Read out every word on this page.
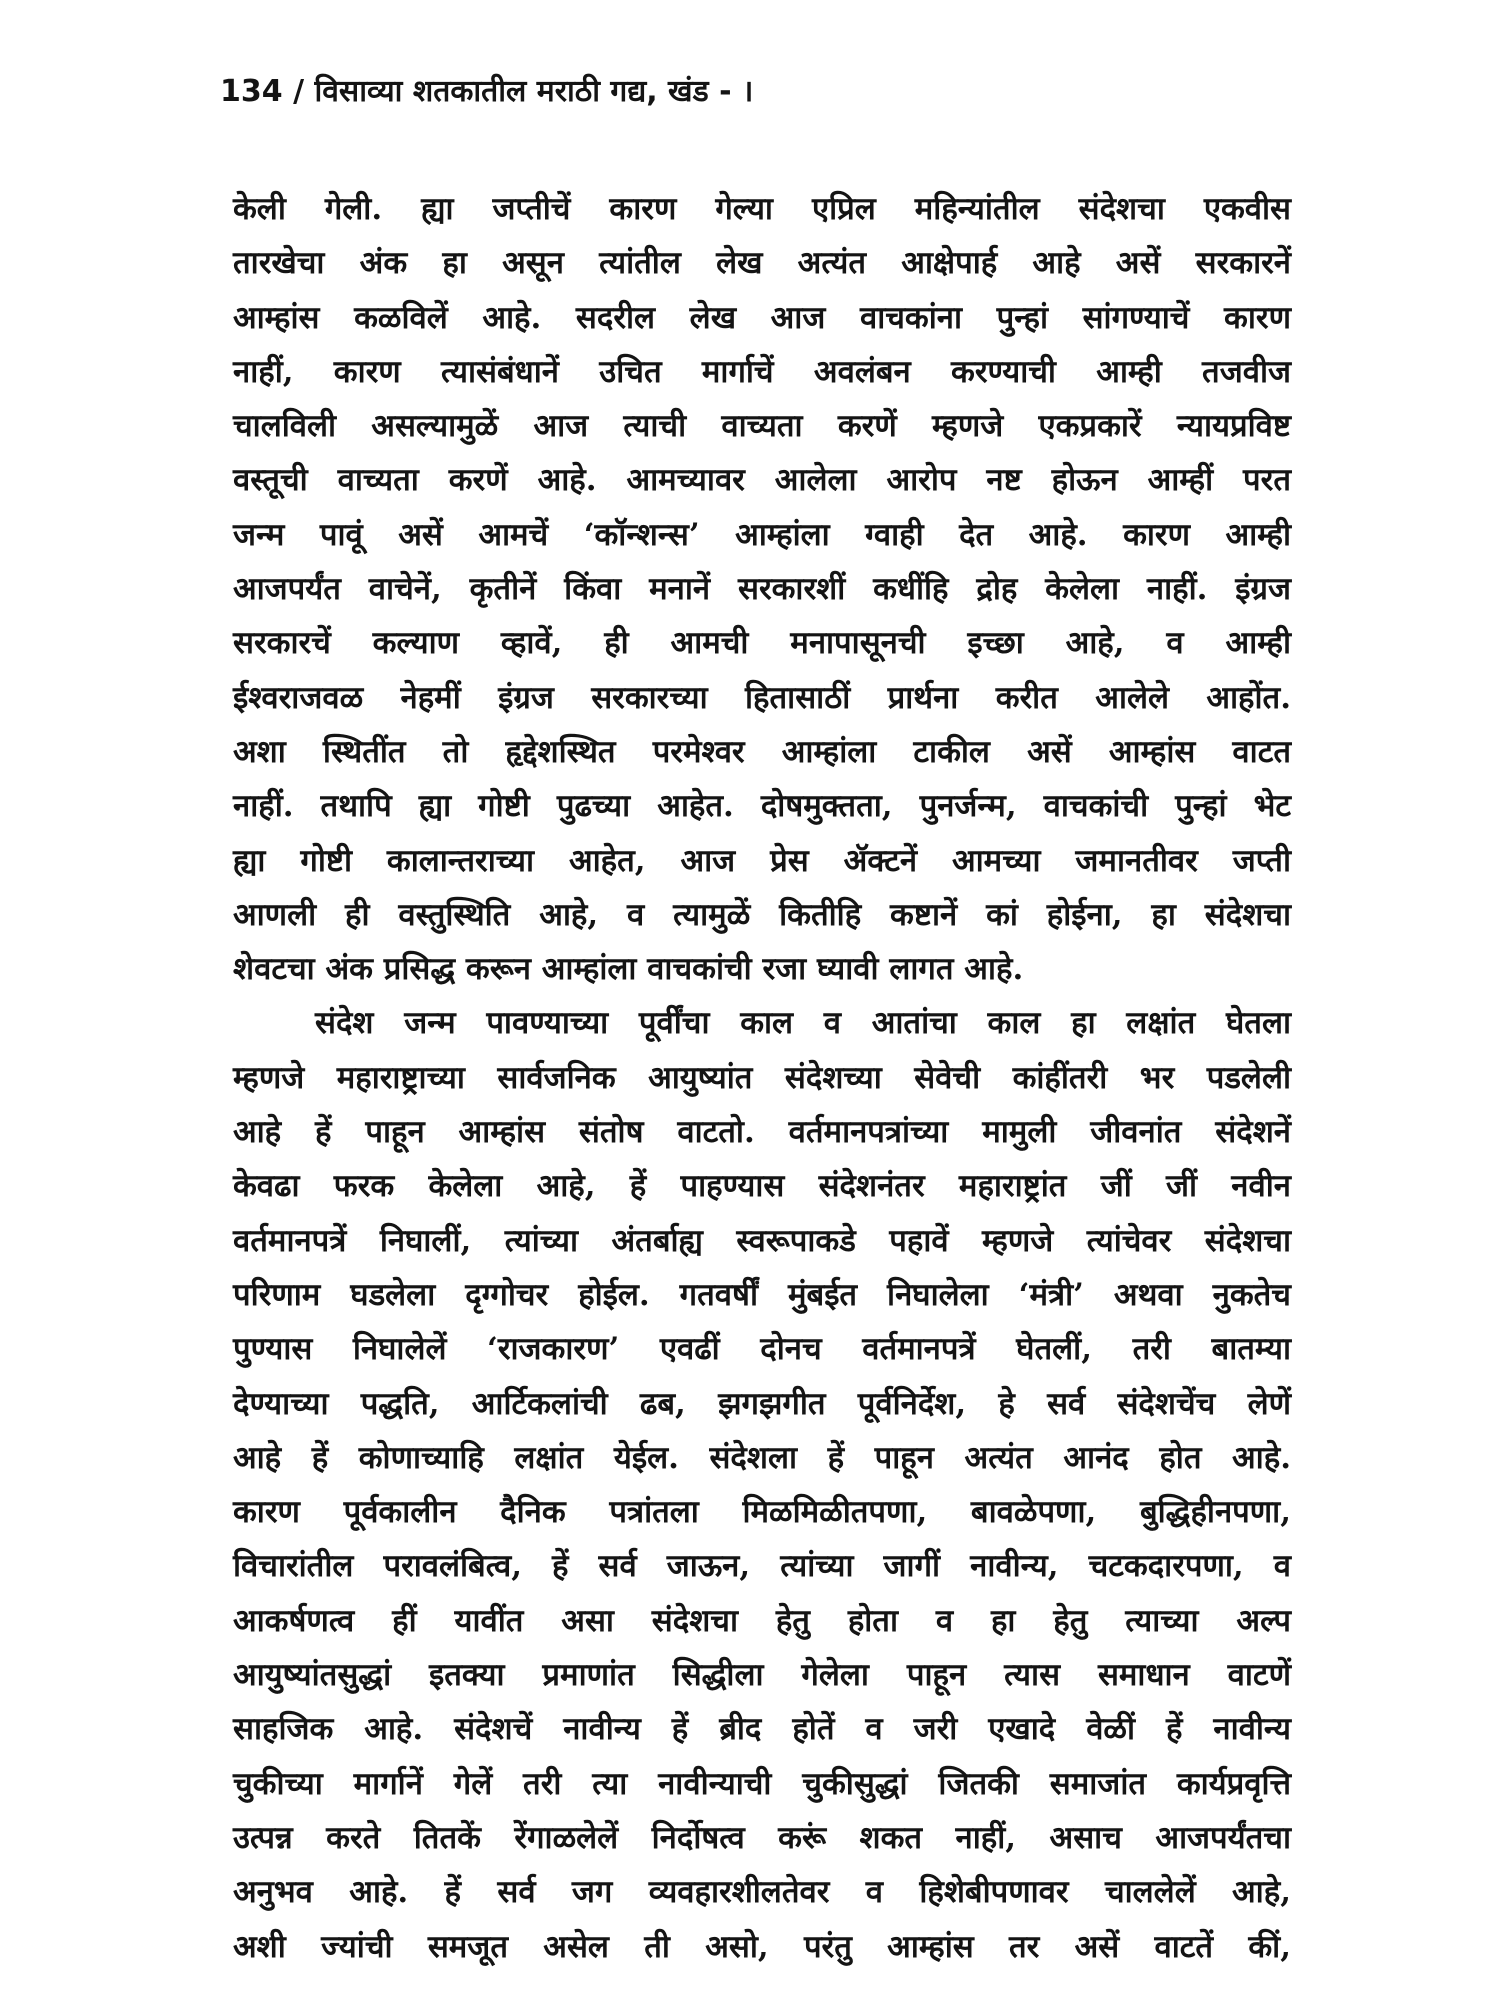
134 / विसाव्या शतकातील मराठी गद्य, खंड - ।

केली गेली. ह्या जप्तीचें कारण गेल्या एप्रिल महिन्यांतील संदेशचा एकवीस
तारखेचा अंक हा असून त्यांतील लेख अत्यंत आक्षेपार्ह आहे असें सरकारनें
आम्हांस कळविलें आहे. सदरील लेख आज वाचकांना पुन्हां सांगण्याचें कारण
नाहीं, कारण त्यासंबंधानें उचित मार्गाचें अवलंबन करण्याची आम्ही तजवीज
चालविली असल्यामुळें आज त्याची वाच्यता करणें म्हणजे एकप्रकारें न्यायप्रविष्ट
वस्तूची वाच्यता करणें आहे. आमच्यावर आलेला आरोप नष्ट होऊन आम्हीं परत
जन्म पावूं असें आमचें ‘कॉन्शन्स’ आम्हांला ग्वाही देत आहे. कारण आम्ही
आजपर्यंत वाचेनें, कृतीनें किंवा मनानें सरकारशीं कधींहि द्रोह केलेला नाहीं. इंग्रज
सरकारचें कल्याण व्हावें, ही आमची मनापासूनची इच्छा आहे, व आम्ही
ईश्वराजवळ नेहमीं इंग्रज सरकारच्या हितासाठीं प्रार्थना करीत आलेले आहोंत.
अशा स्थितींत तो हृद्देशस्थित परमेश्वर आम्हांला टाकील असें आम्हांस वाटत
नाहीं. तथापि ह्या गोष्टी पुढच्या आहेत. दोषमुक्तता, पुनर्जन्म, वाचकांची पुन्हां भेट
ह्या गोष्टी कालान्तराच्या आहेत, आज प्रेस ॲक्टनें आमच्या जमानतीवर जप्ती
आणली ही वस्तुस्थिति आहे, व त्यामुळें कितीहि कष्टानें कां होईना, हा संदेशचा
शेवटचा अंक प्रसिद्ध करून आम्हांला वाचकांची रजा घ्यावी लागत आहे.
संदेश जन्म पावण्याच्या पूर्वींचा काल व आतांचा काल हा लक्षांत घेतला
म्हणजे महाराष्ट्राच्या सार्वजनिक आयुष्यांत संदेशच्या सेवेची कांहींतरी भर पडलेली
आहे हें पाहून आम्हांस संतोष वाटतो. वर्तमानपत्रांच्या मामुली जीवनांत संदेशनें
केवढा फरक केलेला आहे, हें पाहण्यास संदेशनंतर महाराष्ट्रांत जीं जीं नवीन
वर्तमानपत्रें निघालीं, त्यांच्या अंतर्बाह्य स्वरूपाकडे पहावें म्हणजे त्यांचेवर संदेशचा
परिणाम घडलेला दृग्गोचर होईल. गतवर्षीं मुंबईत निघालेला ‘मंत्री’ अथवा नुकतेच
पुण्यास निघालेलें ‘राजकारण’ एवढीं दोनच वर्तमानपत्रें घेतलीं, तरी बातम्या
देण्याच्या पद्धति, आर्टिकलांची ढब, झगझगीत पूर्वनिर्देश, हे सर्व संदेशचेंच लेणें
आहे हें कोणाच्याहि लक्षांत येईल. संदेशला हें पाहून अत्यंत आनंद होत आहे.
कारण पूर्वकालीन दैनिक पत्रांतला मिळमिळीतपणा, बावळेपणा, बुद्धिहीनपणा,
विचारांतील परावलंबित्व, हें सर्व जाऊन, त्यांच्या जागीं नावीन्य, चटकदारपणा, व
आकर्षणत्व हीं यावींत असा संदेशचा हेतु होता व हा हेतु त्याच्या अल्प
आयुष्यांतसुद्धां इतक्या प्रमाणांत सिद्धीला गेलेला पाहून त्यास समाधान वाटणें
साहजिक आहे. संदेशचें नावीन्य हें ब्रीद होतें व जरी एखादे वेळीं हें नावीन्य
चुकीच्या मार्गानें गेलें तरी त्या नावीन्याची चुकीसुद्धां जितकी समाजांत कार्यप्रवृत्ति
उत्पन्न करते तितकें रेंगाळलेलें निर्दोषत्व करूं शकत नाहीं, असाच आजपर्यंतचा
अनुभव आहे. हें सर्व जग व्यवहारशीलतेवर व हिशेबीपणावर चाललेलें आहे,
अशी ज्यांची समजूत असेल ती असो, परंतु आम्हांस तर असें वाटतें कीं,
